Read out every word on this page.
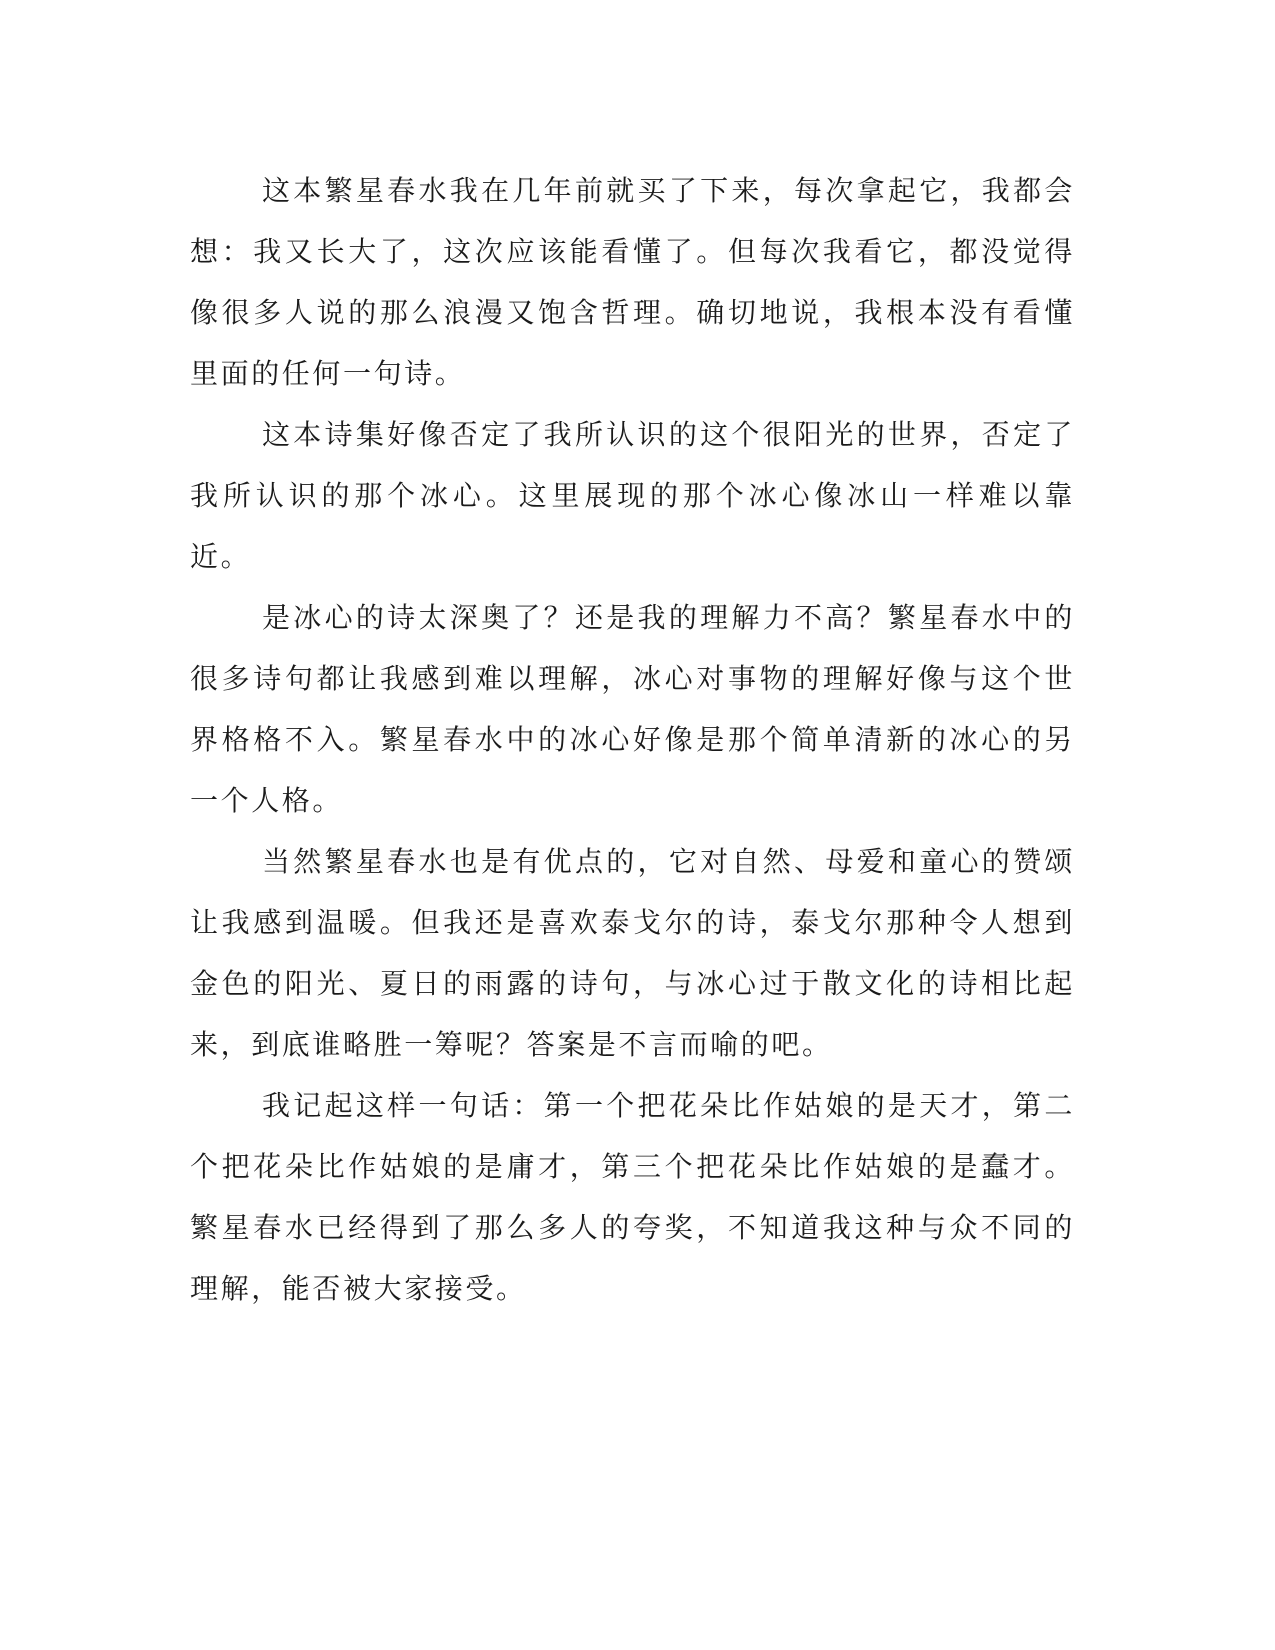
这本繁星春水我在几年前就买了下来，每次拿起它，我都会想：我又长大了，这次应该能看懂了。但每次我看它，都没觉得像很多人说的那么浪漫又饱含哲理。确切地说，我根本没有看懂里面的任何一句诗。

这本诗集好像否定了我所认识的这个很阳光的世界，否定了我所认识的那个冰心。这里展现的那个冰心像冰山一样难以靠近。

是冰心的诗太深奥了？还是我的理解力不高？繁星春水中的很多诗句都让我感到难以理解，冰心对事物的理解好像与这个世界格格不入。繁星春水中的冰心好像是那个简单清新的冰心的另一个人格。

当然繁星春水也是有优点的，它对自然、母爱和童心的赞颂让我感到温暖。但我还是喜欢泰戈尔的诗，泰戈尔那种令人想到金色的阳光、夏日的雨露的诗句，与冰心过于散文化的诗相比起来，到底谁略胜一筹呢？答案是不言而喻的吧。

我记起这样一句话：第一个把花朵比作姑娘的是天才，第二个把花朵比作姑娘的是庸才，第三个把花朵比作姑娘的是蠢才。繁星春水已经得到了那么多人的夸奖，不知道我这种与众不同的理解，能否被大家接受。
